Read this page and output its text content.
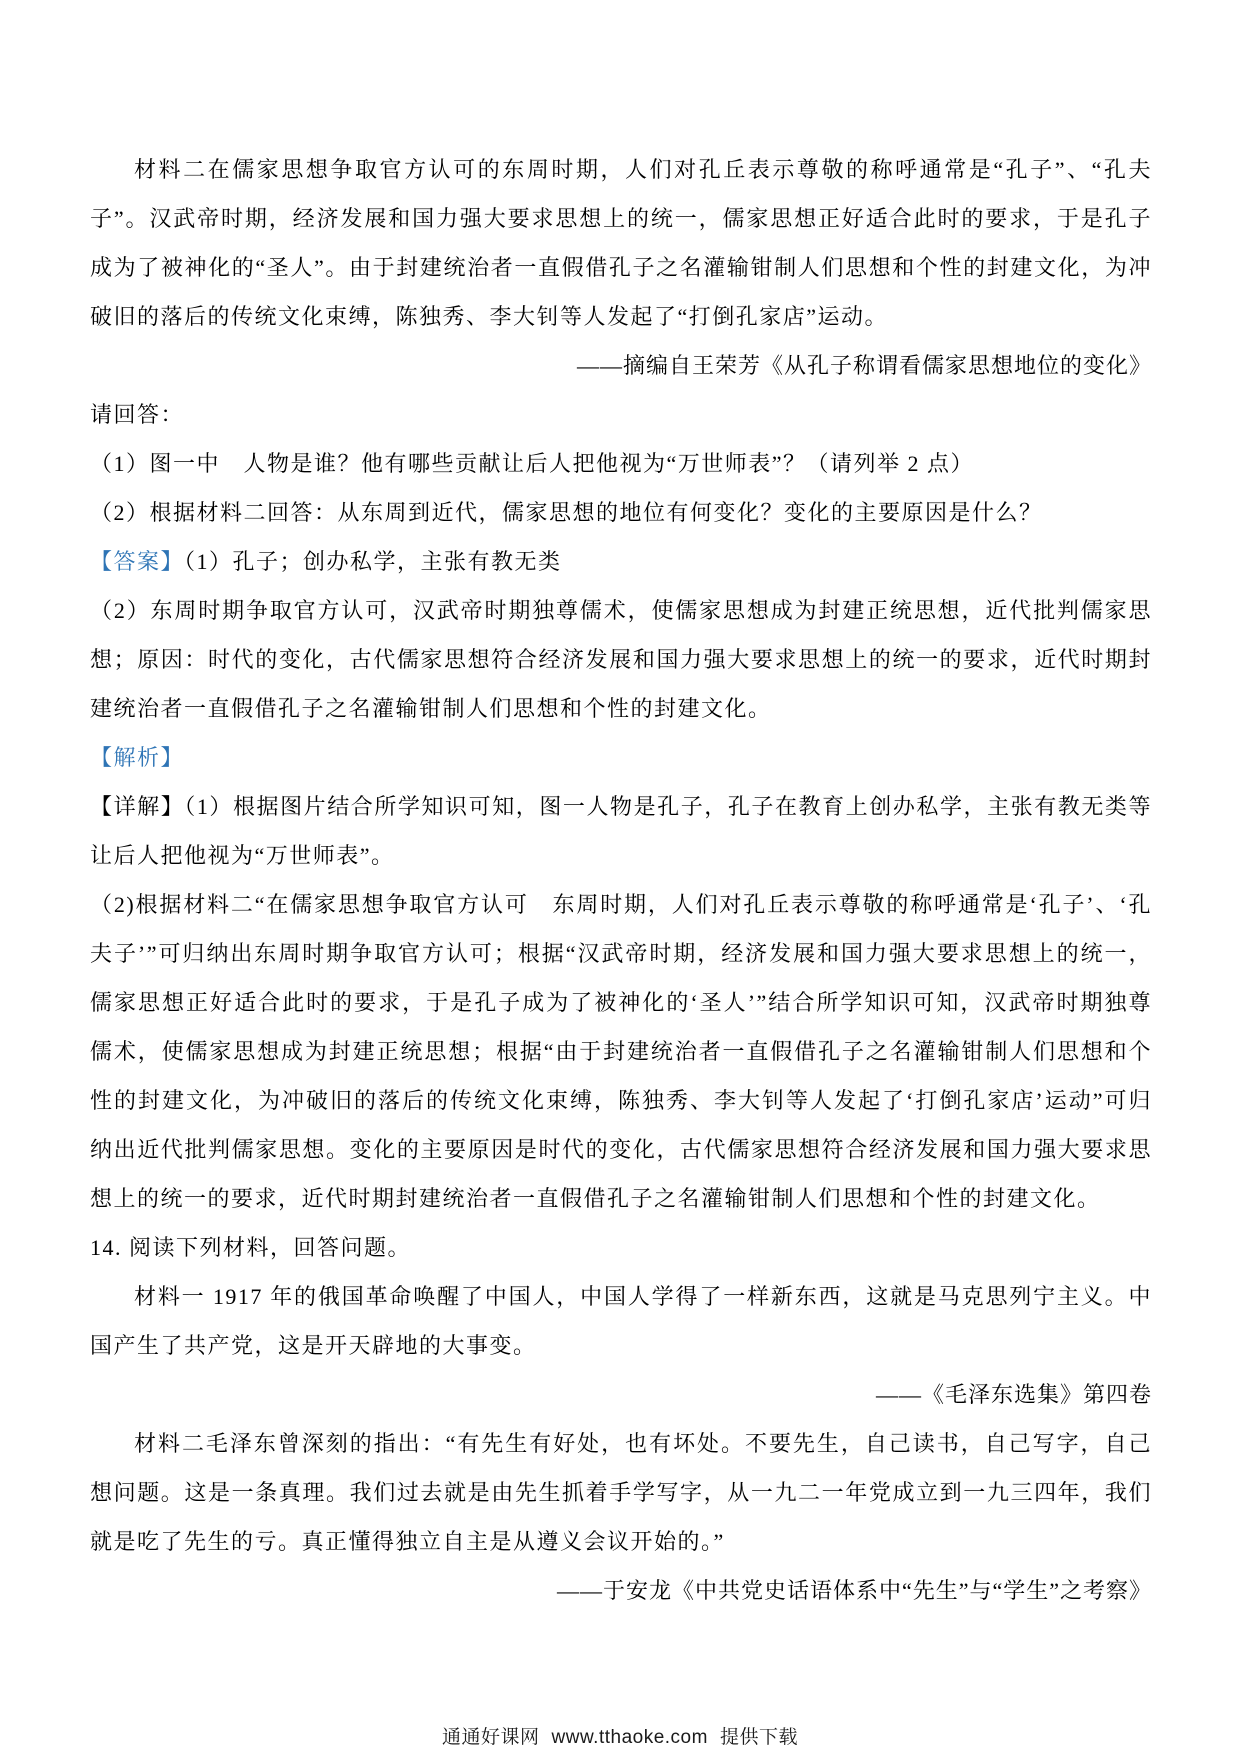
材料二在儒家思想争取官方认可的东周时期，人们对孔丘表示尊敬的称呼通常是“孔子”、“孔夫子”。汉武帝时期，经济发展和国力强大要求思想上的统一，儒家思想正好适合此时的要求，于是孔子成为了被神化的“圣人”。由于封建统治者一直假借孔子之名灌输钳制人们思想和个性的封建文化，为冲破旧的落后的传统文化束缚，陈独秀、李大钊等人发起了“打倒孔家店”运动。

——摘编自王荣芳《从孔子称谓看儒家思想地位的变化》

请回答：

（1）图一中　人物是谁？他有哪些贡献让后人把他视为“万世师表”？（请列举 2 点）

（2）根据材料二回答：从东周到近代，儒家思想的地位有何变化？变化的主要原因是什么？

【答案】（1）孔子；创办私学，主张有教无类

（2）东周时期争取官方认可，汉武帝时期独尊儒术，使儒家思想成为封建正统思想，近代批判儒家思想；原因：时代的变化，古代儒家思想符合经济发展和国力强大要求思想上的统一的要求，近代时期封建统治者一直假借孔子之名灌输钳制人们思想和个性的封建文化。

【解析】

【详解】（1）根据图片结合所学知识可知，图一人物是孔子，孔子在教育上创办私学，主张有教无类等让后人把他视为“万世师表”。

（2)根据材料二“在儒家思想争取官方认可　东周时期，人们对孔丘表示尊敬的称呼通常是‘孔子’、‘孔夫子’”可归纳出东周时期争取官方认可；根据“汉武帝时期，经济发展和国力强大要求思想上的统一，儒家思想正好适合此时的要求，于是孔子成为了被神化的‘圣人’”结合所学知识可知，汉武帝时期独尊儒术，使儒家思想成为封建正统思想；根据“由于封建统治者一直假借孔子之名灌输钳制人们思想和个性的封建文化，为冲破旧的落后的传统文化束缚，陈独秀、李大钊等人发起了‘打倒孔家店’运动”可归纳出近代批判儒家思想。变化的主要原因是时代的变化，古代儒家思想符合经济发展和国力强大要求思想上的统一的要求，近代时期封建统治者一直假借孔子之名灌输钳制人们思想和个性的封建文化。

14. 阅读下列材料，回答问题。

材料一 1917 年的俄国革命唤醒了中国人，中国人学得了一样新东西，这就是马克思列宁主义。中国产生了共产党，这是开天辟地的大事变。

——《毛泽东选集》第四卷

材料二毛泽东曾深刻的指出：“有先生有好处，也有坏处。不要先生，自己读书，自己写字，自己想问题。这是一条真理。我们过去就是由先生抓着手学写字，从一九二一年党成立到一九三四年，我们就是吃了先生的亏。真正懂得独立自主是从遵义会议开始的。”

——于安龙《中共党史话语体系中“先生”与“学生”之考察》

通通好课网 www.tthaoke.com 提供下载
